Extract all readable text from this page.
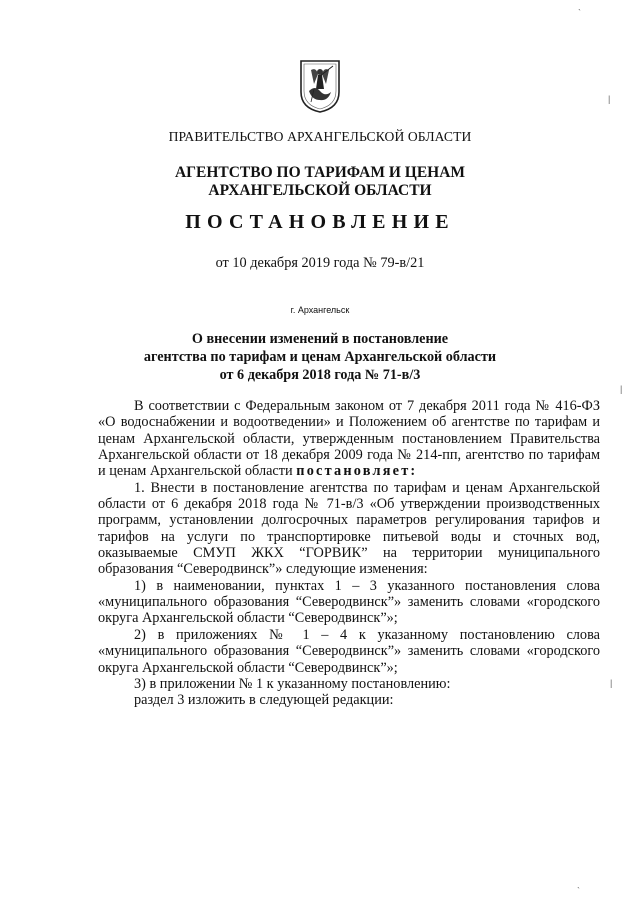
ПРАВИТЕЛЬСТВО АРХАНГЕЛЬСКОЙ ОБЛАСТИ
АГЕНТСТВО ПО ТАРИФАМ И ЦЕНАМ
АРХАНГЕЛЬСКОЙ ОБЛАСТИ
ПОСТАНОВЛЕНИЕ
от 10 декабря 2019 года № 79-в/21
г. Архангельск
О внесении изменений в постановление
агентства по тарифам и ценам Архангельской области
от 6 декабря 2018 года № 71-в/3

В соответствии с Федеральным законом от 7 декабря 2011 года № 416-ФЗ «О водоснабжении и водоотведении» и Положением об агентстве по тарифам и ценам Архангельской области, утвержденным постановлением Правительства Архангельской области от 18 декабря 2009 года № 214-пп, агентство по тарифам и ценам Архангельской области постановляет:

1. Внести в постановление агентства по тарифам и ценам Архангельской области от 6 декабря 2018 года № 71-в/3 «Об утверждении производственных программ, установлении долгосрочных параметров регулирования тарифов и тарифов на услуги по транспортировке питьевой воды и сточных вод, оказываемые СМУП ЖКХ “ГОРВИК” на территории муниципального образования “Северодвинск”» следующие изменения:

1) в наименовании, пунктах 1 – 3 указанного постановления слова «муниципального образования “Северодвинск”» заменить словами «городского округа Архангельской области “Северодвинск”»;

2) в приложениях № 1 – 4 к указанному постановлению слова «муниципального образования “Северодвинск”» заменить словами «городского округа Архангельской области “Северодвинск”»;

3) в приложении № 1 к указанному постановлению:

раздел 3 изложить в следующей редакции:

`
|
|
|
`
